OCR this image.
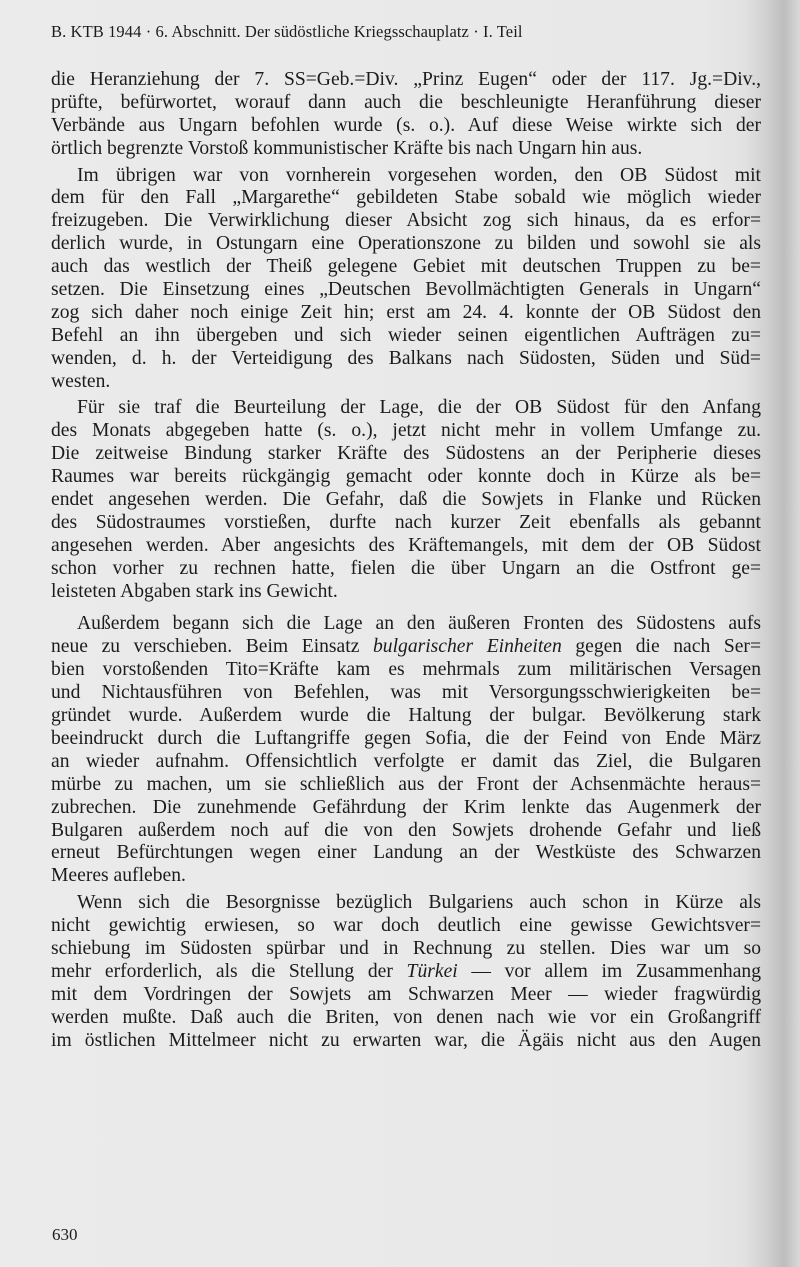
B. KTB 1944 · 6. Abschnitt. Der südöstliche Kriegsschauplatz · I. Teil
die Heranziehung der 7. SS=Geb.=Div. „Prinz Eugen“ oder der 117. Jg.=Div.,
prüfte, befürwortet, worauf dann auch die beschleunigte Heranführung dieser
Verbände aus Ungarn befohlen wurde (s. o.). Auf diese Weise wirkte sich der
örtlich begrenzte Vorstoß kommunistischer Kräfte bis nach Ungarn hin aus.
Im übrigen war von vornherein vorgesehen worden, den OB Südost mit
dem für den Fall „Margarethe“ gebildeten Stabe sobald wie möglich wieder
freizugeben. Die Verwirklichung dieser Absicht zog sich hinaus, da es erfor=
derlich wurde, in Ostungarn eine Operationszone zu bilden und sowohl sie als
auch das westlich der Theiß gelegene Gebiet mit deutschen Truppen zu be=
setzen. Die Einsetzung eines „Deutschen Bevollmächtigten Generals in Ungarn“
zog sich daher noch einige Zeit hin; erst am 24. 4. konnte der OB Südost den
Befehl an ihn übergeben und sich wieder seinen eigentlichen Aufträgen zu=
wenden, d. h. der Verteidigung des Balkans nach Südosten, Süden und Süd=
westen.
Für sie traf die Beurteilung der Lage, die der OB Südost für den Anfang
des Monats abgegeben hatte (s. o.), jetzt nicht mehr in vollem Umfange zu.
Die zeitweise Bindung starker Kräfte des Südostens an der Peripherie dieses
Raumes war bereits rückgängig gemacht oder konnte doch in Kürze als be=
endet angesehen werden. Die Gefahr, daß die Sowjets in Flanke und Rücken
des Südostraumes vorstießen, durfte nach kurzer Zeit ebenfalls als gebannt
angesehen werden. Aber angesichts des Kräftemangels, mit dem der OB Südost
schon vorher zu rechnen hatte, fielen die über Ungarn an die Ostfront ge=
leisteten Abgaben stark ins Gewicht.
Außerdem begann sich die Lage an den äußeren Fronten des Südostens aufs
neue zu verschieben. Beim Einsatz bulgarischer Einheiten gegen die nach Ser=
bien vorstoßenden Tito=Kräfte kam es mehrmals zum militärischen Versagen
und Nichtausführen von Befehlen, was mit Versorgungsschwierigkeiten be=
gründet wurde. Außerdem wurde die Haltung der bulgar. Bevölkerung stark
beeindruckt durch die Luftangriffe gegen Sofia, die der Feind von Ende März
an wieder aufnahm. Offensichtlich verfolgte er damit das Ziel, die Bulgaren
mürbe zu machen, um sie schließlich aus der Front der Achsenmächte heraus=
zubrechen. Die zunehmende Gefährdung der Krim lenkte das Augenmerk der
Bulgaren außerdem noch auf die von den Sowjets drohende Gefahr und ließ
erneut Befürchtungen wegen einer Landung an der Westküste des Schwarzen
Meeres aufleben.
Wenn sich die Besorgnisse bezüglich Bulgariens auch schon in Kürze als
nicht gewichtig erwiesen, so war doch deutlich eine gewisse Gewichtsver=
schiebung im Südosten spürbar und in Rechnung zu stellen. Dies war um so
mehr erforderlich, als die Stellung der Türkei — vor allem im Zusammenhang
mit dem Vordringen der Sowjets am Schwarzen Meer — wieder fragwürdig
werden mußte. Daß auch die Briten, von denen nach wie vor ein Großangriff
im östlichen Mittelmeer nicht zu erwarten war, die Ägäis nicht aus den Augen
630
